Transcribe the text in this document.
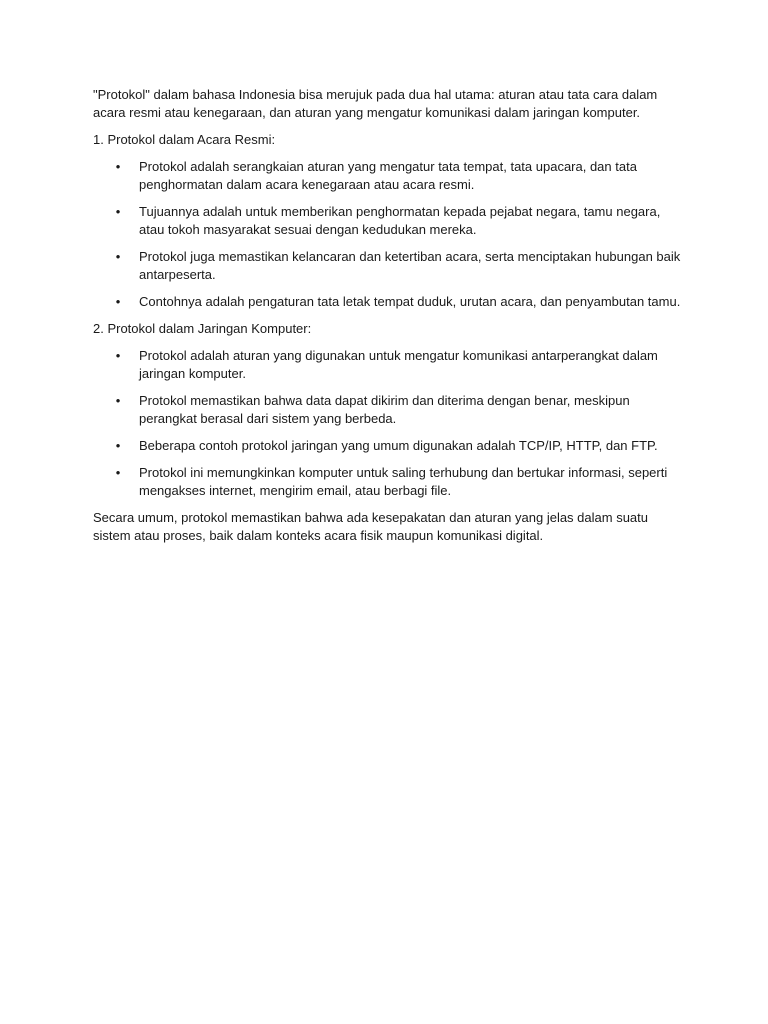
"Protokol" dalam bahasa Indonesia bisa merujuk pada dua hal utama: aturan atau tata cara dalam acara resmi atau kenegaraan, dan aturan yang mengatur komunikasi dalam jaringan komputer.

1. Protokol dalam Acara Resmi:

• Protokol adalah serangkaian aturan yang mengatur tata tempat, tata upacara, dan tata penghormatan dalam acara kenegaraan atau acara resmi.
• Tujuannya adalah untuk memberikan penghormatan kepada pejabat negara, tamu negara, atau tokoh masyarakat sesuai dengan kedudukan mereka.
• Protokol juga memastikan kelancaran dan ketertiban acara, serta menciptakan hubungan baik antarpeserta.
• Contohnya adalah pengaturan tata letak tempat duduk, urutan acara, dan penyambutan tamu.

2. Protokol dalam Jaringan Komputer:

• Protokol adalah aturan yang digunakan untuk mengatur komunikasi antarperangkat dalam jaringan komputer.
• Protokol memastikan bahwa data dapat dikirim dan diterima dengan benar, meskipun perangkat berasal dari sistem yang berbeda.
• Beberapa contoh protokol jaringan yang umum digunakan adalah TCP/IP, HTTP, dan FTP.
• Protokol ini memungkinkan komputer untuk saling terhubung dan bertukar informasi, seperti mengakses internet, mengirim email, atau berbagi file.

Secara umum, protokol memastikan bahwa ada kesepakatan dan aturan yang jelas dalam suatu sistem atau proses, baik dalam konteks acara fisik maupun komunikasi digital.
